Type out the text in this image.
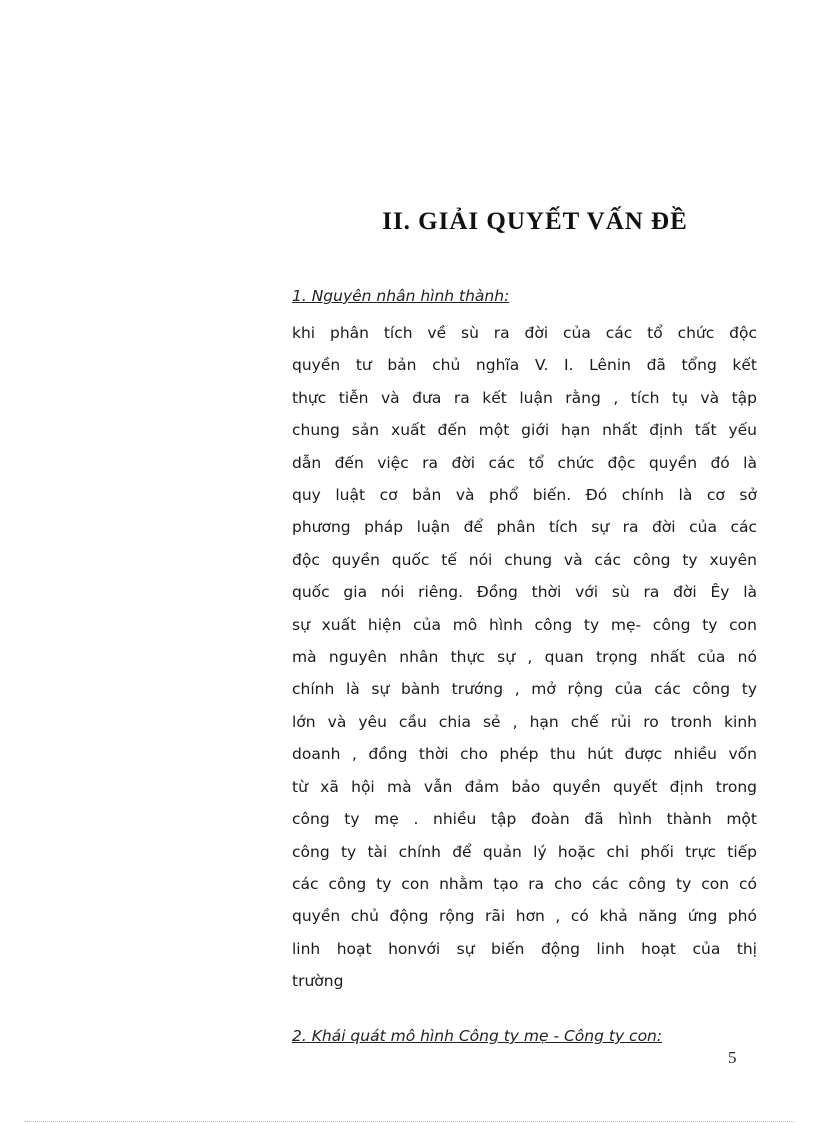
II. GIẢI QUYẾT VẤN ĐỀ
1. Nguyên nhân hình thành:
khi phân tích về sù ra đời của các tổ chức độc
quyền tư bản chủ nghĩa V. I. Lênin đã tổng kết
thực tiễn và đưa ra kết luận rằng , tích tụ và tập
chung sản xuất đến một giới hạn nhất định tất yếu
dẫn đến việc ra đời các tổ chức độc quyền đó là
quy luật cơ bản và phổ biến. Đó chính là cơ sở
phương pháp luận để phân tích sự ra đời của các
độc quyền quốc tế nói chung và các công ty xuyên
quốc gia nói riêng. Đồng thời với sù ra đời Êy là
sự xuất hiện của mô hình công ty mẹ- công ty con
mà nguyên nhân thực sự , quan trọng nhất của nó
chính là sự bành trướng , mở rộng của các công ty
lớn và yêu cầu chia sẻ , hạn chế rủi ro tronh kinh
doanh , đồng thời cho phép thu hút được nhiều vốn
từ xã hội mà vẫn đảm bảo quyền quyết định trong
công ty mẹ . nhiều tập đoàn đã hình thành một
công ty tài chính để quản lý hoặc chi phối trực tiếp
các công ty con nhằm tạo ra cho các công ty con có
quyền chủ động rộng rãi hơn , có khả năng ứng phó
linh hoạt honvới sự biến động linh hoạt của thị
trường
2. Khái quát mô hình Công ty mẹ - Công ty con:
5
